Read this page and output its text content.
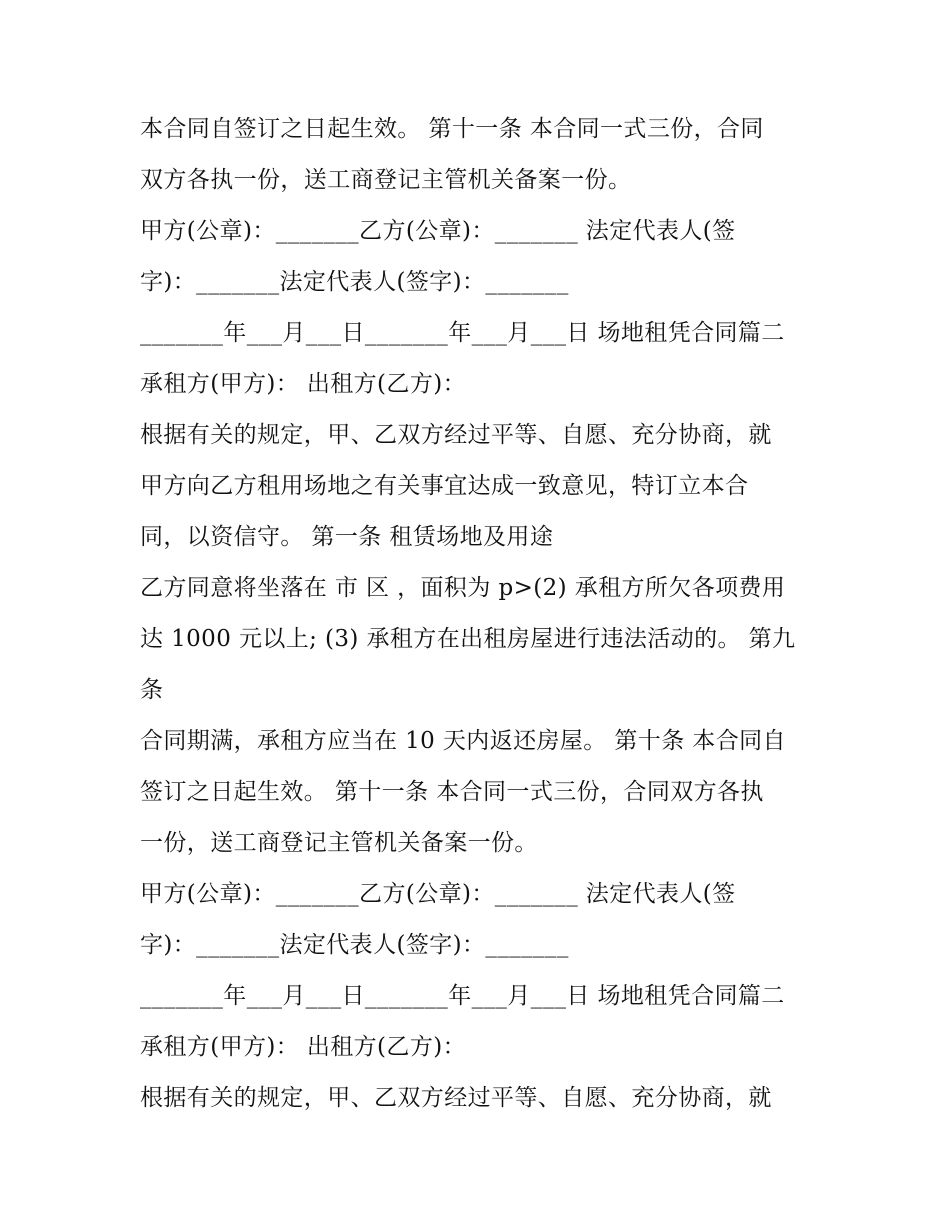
本合同自签订之日起生效。 第十一条 本合同一式三份，合同
双方各执一份，送工商登记主管机关备案一份。
甲方(公章)：_______乙方(公章)：_______ 法定代表人(签
字)：_______法定代表人(签字)：_______
_______年___月___日_______年___月___日 场地租凭合同篇二
承租方(甲方)： 出租方(乙方)：
根据有关的规定，甲、乙双方经过平等、自愿、充分协商，就
甲方向乙方租用场地之有关事宜达成一致意见，特订立本合
同，以资信守。 第一条 租赁场地及用途
乙方同意将坐落在 市 区 ，面积为 p>(2) 承租方所欠各项费用
达 1000 元以上; (3) 承租方在出租房屋进行违法活动的。 第九
条
合同期满，承租方应当在 10 天内返还房屋。 第十条 本合同自
签订之日起生效。 第十一条 本合同一式三份，合同双方各执
一份，送工商登记主管机关备案一份。
甲方(公章)：_______乙方(公章)：_______ 法定代表人(签
字)：_______法定代表人(签字)：_______
_______年___月___日_______年___月___日 场地租凭合同篇二
承租方(甲方)： 出租方(乙方)：
根据有关的规定，甲、乙双方经过平等、自愿、充分协商，就
